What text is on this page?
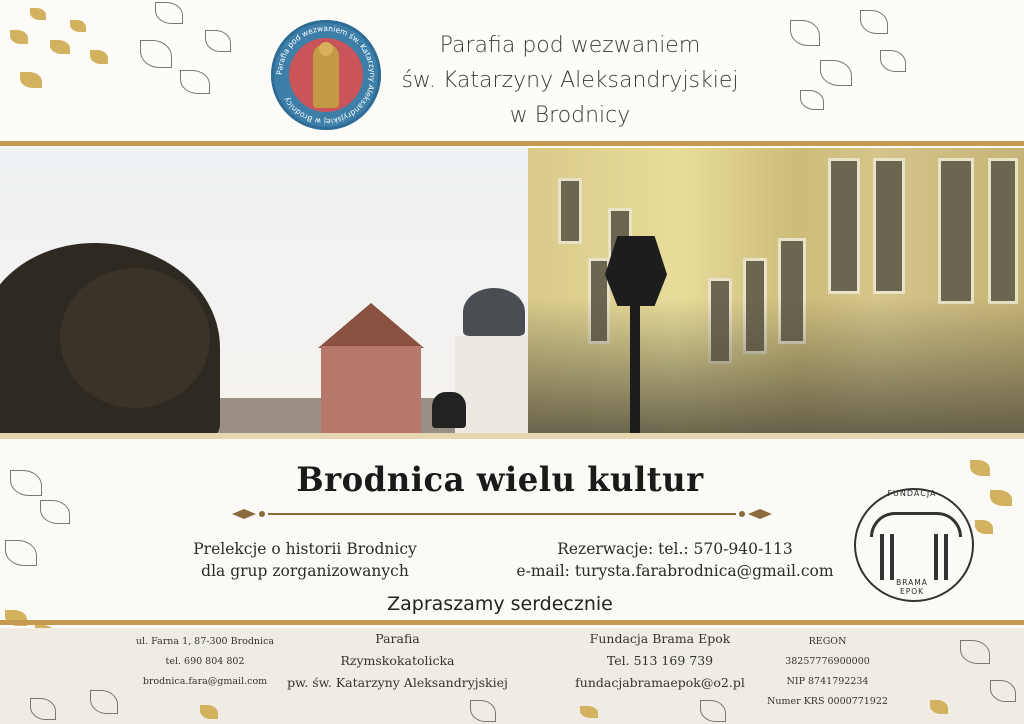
Parafia pod wezwaniem św. Katarzyny Aleksandryjskiej w Brodnicy
Parafia pod wezwaniem
św. Katarzyny Aleksandryjskiej
w Brodnicy
Brodnica wielu kultur
Prelekcje o historii Brodnicy
dla grup zorganizowanych
Rezerwacje: tel.: 570-940-113
e-mail: turysta.farabrodnica@gmail.com
Zapraszamy serdecznie
FUNDACJA
BRAMA
EPOK
ul. Farna 1, 87-300 Brodnica
tel. 690 804 802
brodnica.fara@gmail.com
Parafia
Rzymskokatolicka
pw. św. Katarzyny Aleksandryjskiej
Fundacja Brama Epok
Tel. 513 169 739
fundacjabramaepok@o2.pl
REGON 38257776900000
NIP 8741792234
Numer KRS 0000771922
